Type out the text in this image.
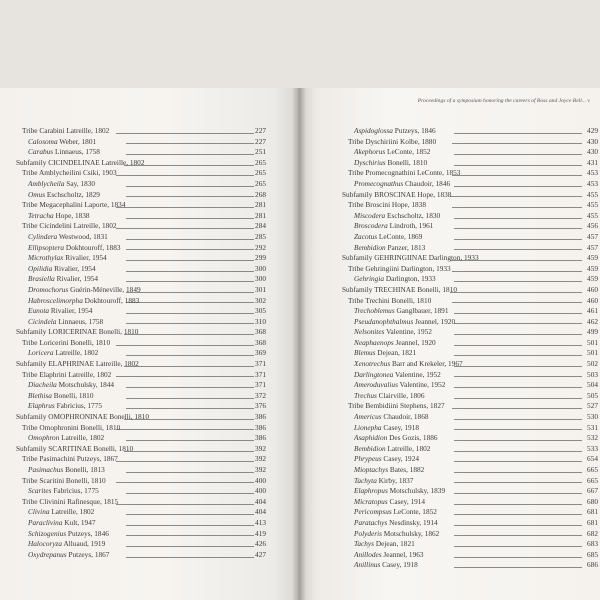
Tribe Carabini Latreille, 1802	227
Calosoma Weber, 1801	227
Carabus Linnaeus, 1758	251
Subfamily CICINDELINAE Latreille, 1802	265
Tribe Amblycheilini Csiki, 1903	265
Amblycheila Say, 1830	265
Omus Eschscholtz, 1829	268
Tribe Megacephalini Laporte, 1834	281
Tetracha Hope, 1838	281
Tribe Cicindelini Latreille, 1802	284
Cylindera Westwood, 1831	285
Ellipsoptera Dokhtouroff, 1883	292
Microthylax Rivalier, 1954	299
Opilidia Rivalier, 1954	300
Brasiella Rivalier, 1954	300
Dromochorus Guérin-Méneville, 1849	301
Habroscelimorpha Dokhtouroff, 1883	302
Eunota Rivalier, 1954	305
Cicindela Linnaeus, 1758	310
Subfamily LORICERINAE Bonelli, 1810	368
Tribe Loricerini Bonelli, 1810	368
Loricera Latreille, 1802	369
Subfamily ELAPHRINAE Latreille, 1802	371
Tribe Elaphrini Latreille, 1802	371
Diacheila Motschulsky, 1844	371
Blethisa Bonelli, 1810	372
Elaphrus Fabricius, 1775	376
Subfamily OMOPHRONINAE Bonelli, 1810	386
Tribe Omophronini Bonelli, 1810	386
Omophron Latreille, 1802	386
Subfamily SCARITINAE Bonelli, 1810	392
Tribe Pasimachini Putzeys, 1867	392
Pasimachus Bonelli, 1813	392
Tribe Scaritini Bonelli, 1810	400
Scarites Fabricius, 1775	400
Tribe Clivinini Rafinesque, 1815	404
Clivina Latreille, 1802	404
Paraclivina Kult, 1947	413
Schizogenius Putzeys, 1846	419
Halocoryza Alluaud, 1919	426
Oxydrepanus Putzeys, 1867	427
Proceedings of a symposium honoring the careers of Ross and Joyce Bell... v
Aspidoglossa Putzeys, 1846	429
Tribe Dyschiriini Kolbe, 1880	430
Akephorus LeConte, 1852	430
Dyschirius Bonelli, 1810	431
Tribe Promecognathini LeConte, 1853	453
Promecognathus Chaudoir, 1846	453
Subfamily BROSCINAE Hope, 1838	455
Tribe Broscini Hope, 1838	455
Miscodera Eschscholtz, 1830	455
Broscodera Lindroth, 1961	456
Zacotus LeConte, 1869	457
Bembidion Panzer, 1813	457
Subfamily GEHRINGIINAE Darlington, 1933	459
Tribe Gehringiini Darlington, 1933	459
Gehringia Darlington, 1933	459
Subfamily TRECHINAE Bonelli, 1810	460
Tribe Trechini Bonelli, 1810	460
Trechoblemus Ganglbauer, 1891	461
Pseudanophthalmus Jeannel, 1920	462
Nelsonites Valentine, 1952	499
Neaphaenops Jeannel, 1920	501
Blemus Dejean, 1821	501
Xenotrechus Barr and Krekeler, 1967	502
Darlingtonea Valentine, 1952	503
Ameroduvalius Valentine, 1952	504
Trechus Clairville, 1806	505
Tribe Bembidiini Stephens, 1827	527
Americus Chaudoir, 1868	530
Lionepha Casey, 1918	531
Asaphidion Des Gozis, 1886	532
Bembidion Latreille, 1802	533
Phrypeus Casey, 1924	654
Mioptachys Bates, 1882	665
Tachyta Kirby, 1837	665
Elaphropus Motschulsky, 1839	667
Micratopus Casey, 1914	680
Pericompsus LeConte, 1852	681
Paratachys Nesdinsky, 1914	681
Polyderis Motschulsky, 1862	682
Tachys Dejean, 1821	683
Anillodes Jeannel, 1963	685
Anillinus Casey, 1918	686
